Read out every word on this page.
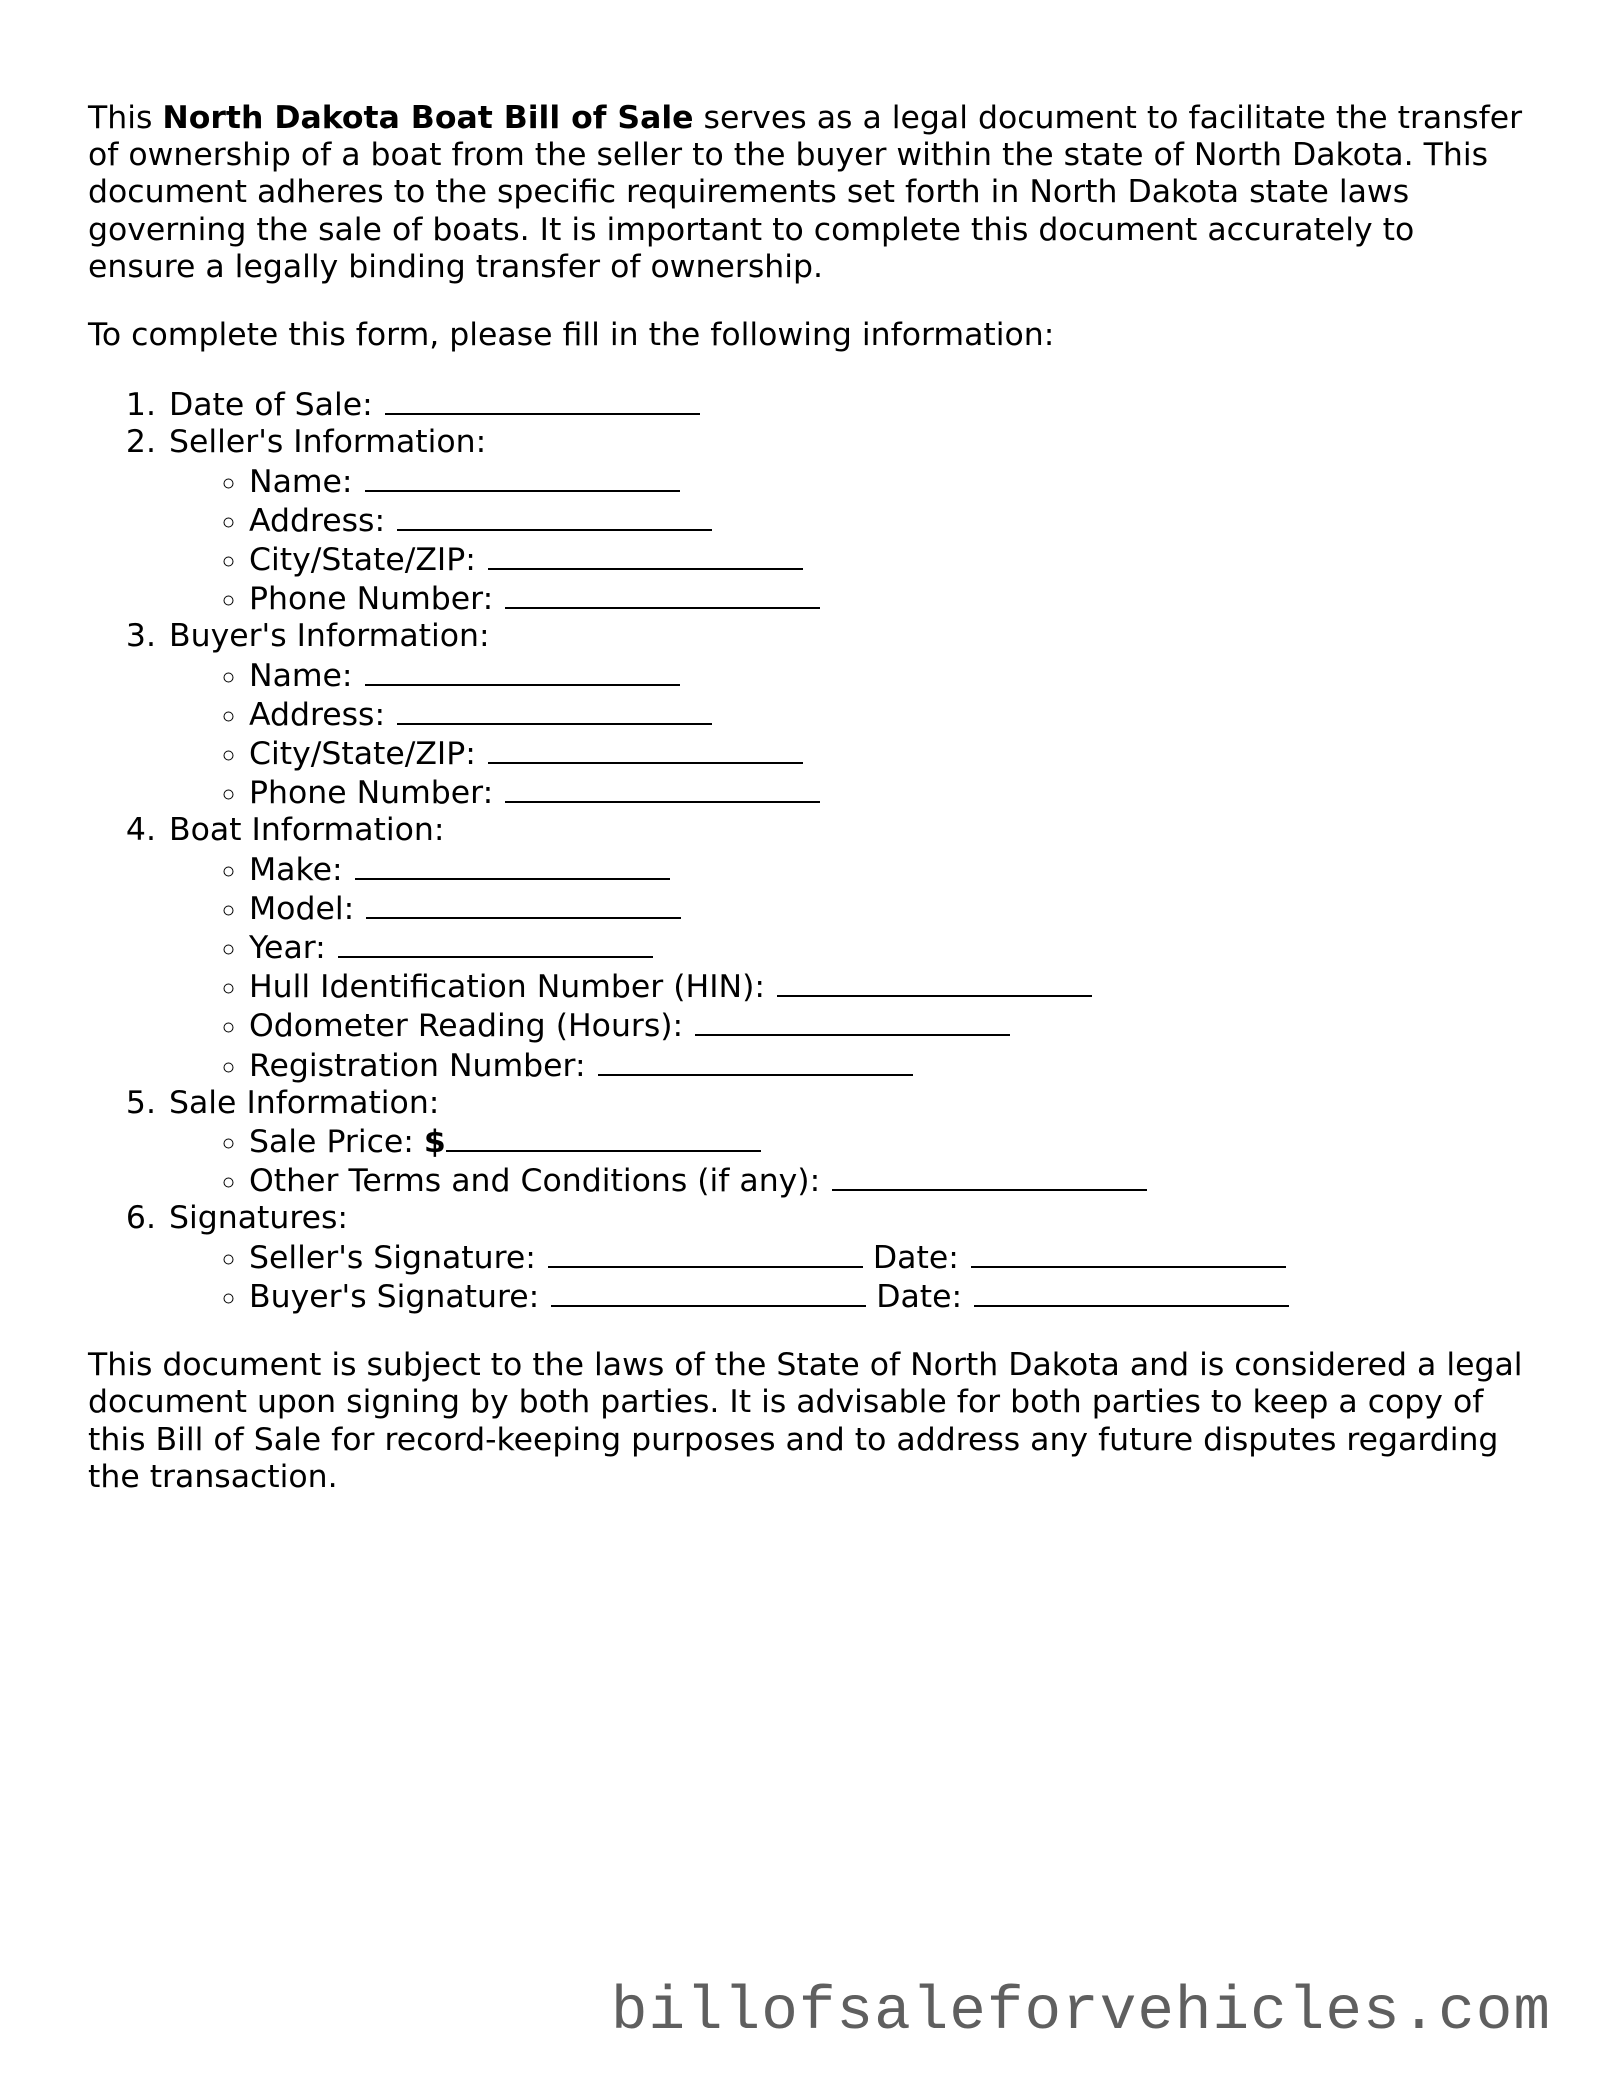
This North Dakota Boat Bill of Sale serves as a legal document to facilitate the transfer of ownership of a boat from the seller to the buyer within the state of North Dakota. This document adheres to the specific requirements set forth in North Dakota state laws governing the sale of boats. It is important to complete this document accurately to ensure a legally binding transfer of ownership.

To complete this form, please fill in the following information:

1. Date of Sale:
2. Seller's Information:
◦ Name:
◦ Address:
◦ City/State/ZIP:
◦ Phone Number:
3. Buyer's Information:
◦ Name:
◦ Address:
◦ City/State/ZIP:
◦ Phone Number:
4. Boat Information:
◦ Make:
◦ Model:
◦ Year:
◦ Hull Identification Number (HIN):
◦ Odometer Reading (Hours):
◦ Registration Number:
5. Sale Information:
◦ Sale Price: $
◦ Other Terms and Conditions (if any):
6. Signatures:
◦ Seller's Signature:	Date:
◦ Buyer's Signature:	Date:

This document is subject to the laws of the State of North Dakota and is considered a legal document upon signing by both parties. It is advisable for both parties to keep a copy of this Bill of Sale for record-keeping purposes and to address any future disputes regarding the transaction.

billofsaleforvehicles.com
